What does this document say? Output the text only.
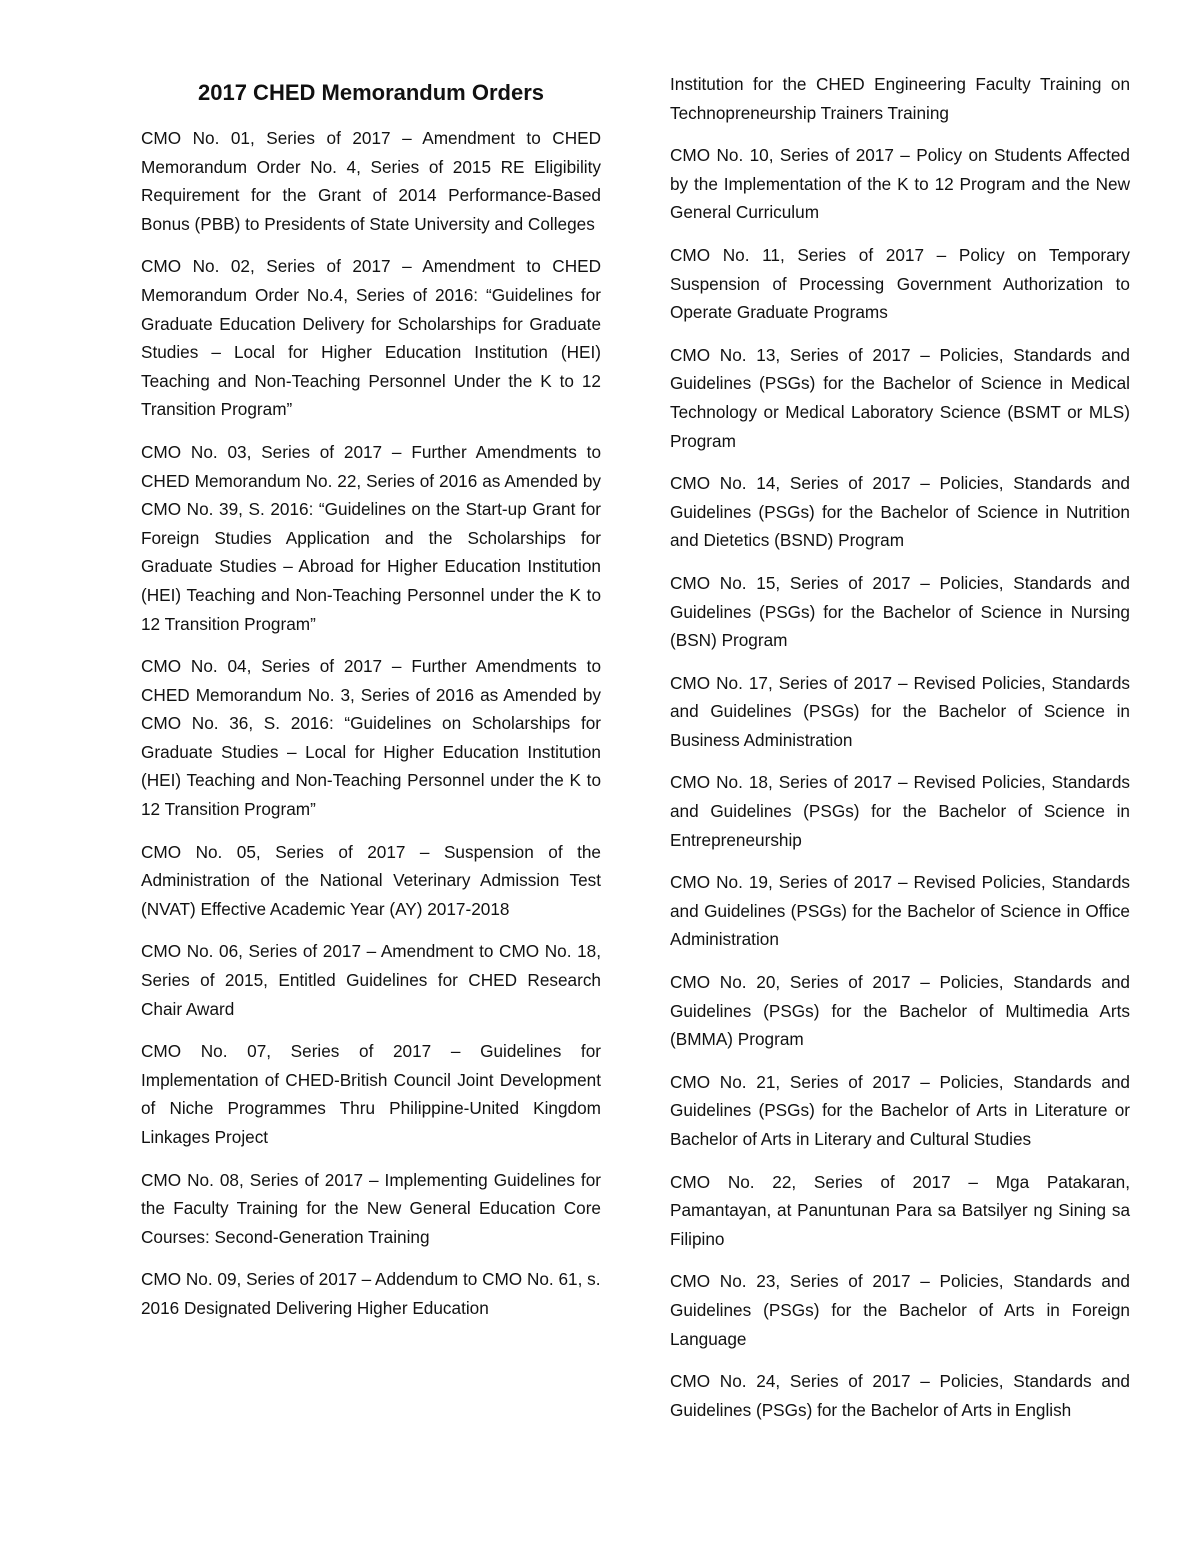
2017 CHED Memorandum Orders

CMO No. 01, Series of 2017 – Amendment to CHED Memorandum Order No. 4, Series of 2015 RE Eligibility Requirement for the Grant of 2014 Performance-Based Bonus (PBB) to Presidents of State University and Colleges

CMO No. 02, Series of 2017 – Amendment to CHED Memorandum Order No.4, Series of 2016: “Guidelines for Graduate Education Delivery for Scholarships for Graduate Studies – Local for Higher Education Institution (HEI) Teaching and Non-Teaching Personnel Under the K to 12 Transition Program”

CMO No. 03, Series of 2017 – Further Amendments to CHED Memorandum No. 22, Series of 2016 as Amended by CMO No. 39, S. 2016: “Guidelines on the Start-up Grant for Foreign Studies Application and the Scholarships for Graduate Studies – Abroad for Higher Education Institution (HEI) Teaching and Non-Teaching Personnel under the K to 12 Transition Program”

CMO No. 04, Series of 2017 – Further Amendments to CHED Memorandum No. 3, Series of 2016 as Amended by CMO No. 36, S. 2016: “Guidelines on Scholarships for Graduate Studies – Local for Higher Education Institution (HEI) Teaching and Non-Teaching Personnel under the K to 12 Transition Program”

CMO No. 05, Series of 2017 – Suspension of the Administration of the National Veterinary Admission Test (NVAT) Effective Academic Year (AY) 2017-2018

CMO No. 06, Series of 2017 – Amendment to CMO No. 18, Series of 2015, Entitled Guidelines for CHED Research Chair Award

CMO No. 07, Series of 2017 – Guidelines for Implementation of CHED-British Council Joint Development of Niche Programmes Thru Philippine-United Kingdom Linkages Project

CMO No. 08, Series of 2017 – Implementing Guidelines for the Faculty Training for the New General Education Core Courses: Second-Generation Training

CMO No. 09, Series of 2017 – Addendum to CMO No. 61, s. 2016 Designated Delivering Higher Education

Institution for the CHED Engineering Faculty Training on Technopreneurship Trainers Training

CMO No. 10, Series of 2017 – Policy on Students Affected by the Implementation of the K to 12 Program and the New General Curriculum

CMO No. 11, Series of 2017 – Policy on Temporary Suspension of Processing Government Authorization to Operate Graduate Programs

CMO No. 13, Series of 2017 – Policies, Standards and Guidelines (PSGs) for the Bachelor of Science in Medical Technology or Medical Laboratory Science (BSMT or MLS) Program

CMO No. 14, Series of 2017 – Policies, Standards and Guidelines (PSGs) for the Bachelor of Science in Nutrition and Dietetics (BSND) Program

CMO No. 15, Series of 2017 – Policies, Standards and Guidelines (PSGs) for the Bachelor of Science in Nursing (BSN) Program

CMO No. 17, Series of 2017 – Revised Policies, Standards and Guidelines (PSGs) for the Bachelor of Science in Business Administration

CMO No. 18, Series of 2017 – Revised Policies, Standards and Guidelines (PSGs) for the Bachelor of Science in Entrepreneurship

CMO No. 19, Series of 2017 – Revised Policies, Standards and Guidelines (PSGs) for the Bachelor of Science in Office Administration

CMO No. 20, Series of 2017 – Policies, Standards and Guidelines (PSGs) for the Bachelor of Multimedia Arts (BMMA) Program

CMO No. 21, Series of 2017 – Policies, Standards and Guidelines (PSGs) for the Bachelor of Arts in Literature or Bachelor of Arts in Literary and Cultural Studies

CMO No. 22, Series of 2017 – Mga Patakaran, Pamantayan, at Panuntunan Para sa Batsilyer ng Sining sa Filipino

CMO No. 23, Series of 2017 – Policies, Standards and Guidelines (PSGs) for the Bachelor of Arts in Foreign Language

CMO No. 24, Series of 2017 – Policies, Standards and Guidelines (PSGs) for the Bachelor of Arts in English
